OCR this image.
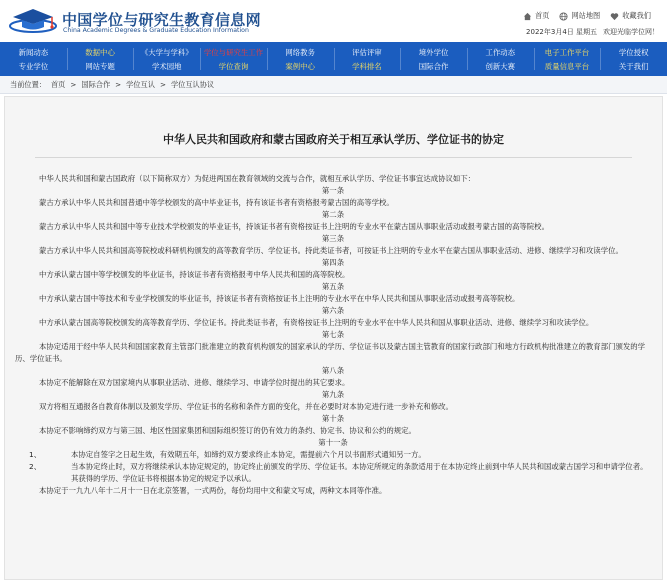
中国学位与研究生教育信息网
China Academic Degrees & Graduate Education Information
首页	网站地图	收藏我们
2022年3月4日 星期五 欢迎光临学位网！
新闻动态
专业学位
数据中心
网站专题
《大学与学科》
学术园地
学位与研究生工作
学位查询
网络教务
案例中心
评估评审
学科排名
境外学位
国际合作
工作动态
创新大赛
电子工作平台
质量信息平台
学位授权
关于我们
当前位置： 首页 > 国际合作 > 学位互认 > 学位互认协议
中华人民共和国政府和蒙古国政府关于相互承认学历、学位证书的协定

中华人民共和国和蒙古国政府（以下简称双方）为促进两国在教育领域的交流与合作，就相互承认学历、学位证书事宜达成协议如下：

第一条

蒙古方承认中华人民共和国普通中等学校颁发的高中毕业证书，持有该证书者有资格报考蒙古国的高等学校。

第二条

蒙古方承认中华人民共和国中等专业技术学校颁发的毕业证书，持该证书者有资格按证书上注明的专业水平在蒙古国从事职业活动或报考蒙古国的高等院校。

第三条

蒙古方承认中华人民共和国高等院校或科研机构颁发的高等教育学历、学位证书。持此类证书者，可按证书上注明的专业水平在蒙古国从事职业活动、进修、继续学习和攻读学位。

第四条

中方承认蒙古国中等学校颁发的毕业证书，持该证书者有资格报考中华人民共和国的高等院校。

第五条

中方承认蒙古国中等技术和专业学校颁发的毕业证书，持该证书者有资格按证书上注明的专业水平在中华人民共和国从事职业活动或报考高等院校。

第六条

中方承认蒙古国高等院校颁发的高等教育学历、学位证书。持此类证书者，有资格按证书上注明的专业水平在中华人民共和国从事职业活动、进修、继续学习和攻读学位。

第七条

本协定适用于经中华人民共和国国家教育主管部门批准建立的教育机构颁发的国家承认的学历、学位证书以及蒙古国主管教育的国家行政部门和地方行政机构批准建立的教育部门颁发的学历、学位证书。

第八条

本协定不能解除在双方国家境内从事职业活动、进修、继续学习、申请学位时提出的其它要求。

第九条

双方将相互通报各自教育体制以及颁发学历、学位证书的名称和条件方面的变化，并在必要时对本协定进行进一步补充和修改。

第十条

本协定不影响缔约双方与第三国、地区性国家集团和国际组织签订的仍有效力的条约、协定书、协议和公约的规定。

第十一条

1、	本协定自签字之日起生效，有效期五年，如缔约双方要求终止本协定，需提前六个月以书面形式通知另一方。

2、	当本协定终止时，双方将继续承认本协定规定的，协定终止前颁发的学历、学位证书。本协定所规定的条款适用于在本协定终止前到中华人民共和国或蒙古国学习和申请学位者。其获得的学历、学位证书将根据本协定的规定予以承认。

本协定于一九九八年十二月十一日在北京签署，一式两份，每份均用中文和蒙文写成，两种文本同等作准。
